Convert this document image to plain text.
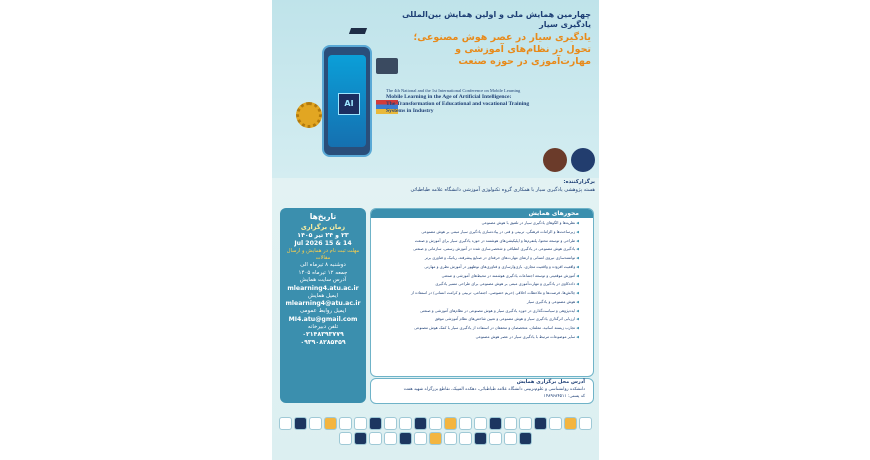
AI
چهارمین همایش ملی و اولین همایش بین‌المللی یادگیری سیار
یادگیری سیار در عصر هوش مصنوعی؛
تحول در نظام‌های آموزشی و
مهارت‌آموزی در حوزه صنعت
The 4th National and the 1st International Conference on Mobile Learning
Mobile Learning in the Age of Artificial Intelligence:
The Transformation of Educational and vocational Training
Systems in Industry
برگزارکننده:
هسته پژوهشی یادگیری سیار با همکاری گروه تکنولوژی آموزشی دانشگاه علامه طباطبائی
تاریخ‌ها
زمان برگزاری
۲۳ و ۲۴ تیر ۱۴۰۵
14 & 15 Jul 2026
مهلت ثبت نام در همایش و ارسال مقالات
دوشنبه ۸ تیرماه الی
جمعه ۱۲ تیرماه ۱۴۰۵
آدرس سایت همایش
mlearning4.atu.ac.ir
ایمیل همایش
mlearning4@atu.ac.ir
ایمیل روابط عمومی
MI4.atu@gmail.com
تلفن دبیرخانه
۰۲۱۴۸۳۹۳۷۷۹
۰۹۳۹۰۸۲۸۵۴۵۹
محورهای همایش
◀ نظریه‌ها و الگوهای یادگیری سیار در تلفیق با هوش مصنوعی
◀ زیرساخت‌ها و الزامات فرهنگی، تربیتی و فنی در پیاده‌سازی یادگیری سیار مبتنی بر هوش مصنوعی
◀ طراحی و توسعه محتوا، پلتفرم‌ها و اپلیکیشن‌های هوشمند در حوزه یادگیری سیار برای آموزش و صنعت
◀ یادگیری هوش مصنوعی در یادگیری انطباقی و شخصی‌سازی شده در آموزش رسمی، سازمانی و صنعتی
◀ توانمندسازی نیروی انسانی و ارتقای مهارت‌های حرفه‌ای در صنایع پیشرفته، رباتیک و فناوری برتر
◀ واقعیت افزوده و واقعیت مجازی، بازی‌وارسازی و فناوری‌های نوظهور در آموزش نظری و مهارتی
◀ آموزش موقعیتی و توسعه اجتماعات یادگیری هوشمند در محیط‌های آموزشی و صنعتی
◀ داده‌کاوی در یادگیری و مهارت‌آموزی مبتنی بر هوش مصنوعی برای طراحی مسیر یادگیری
◀ چالش‌ها، فرصت‌ها و ملاحظات اخلاقی (حریم خصوصی، اجتماعی، تربیتی و کرامت انسانی) در استفاده از
◀ هوش مصنوعی و یادگیری سیار
◀ ایده‌پژوهی و سیاست‌گذاری در حوزه یادگیری سیار و هوش مصنوعی در نظام‌های آموزشی و صنعتی
◀ ارزیابی اثرگذاری یادگیری سیار و هوش مصنوعی و تعیین شاخص‌های نظام آموزشی موفق
◀ تجارب زیسته اساتید، معلمان، متخصصان و محققان در استفاده از یادگیری سیار با کمک هوش مصنوعی
◀ سایر موضوعات مرتبط با یادگیری سیار در عصر هوش مصنوعی
آدرس محل برگزاری همایش
دانشکده روانشناسی و علوم‌تربیتی دانشگاه علامه طباطبائی، دهکده المپیک، تقاطع بزرگراه شهید همت
کد پستی: ۱۴۸۹۶۸۴۵۱۱
